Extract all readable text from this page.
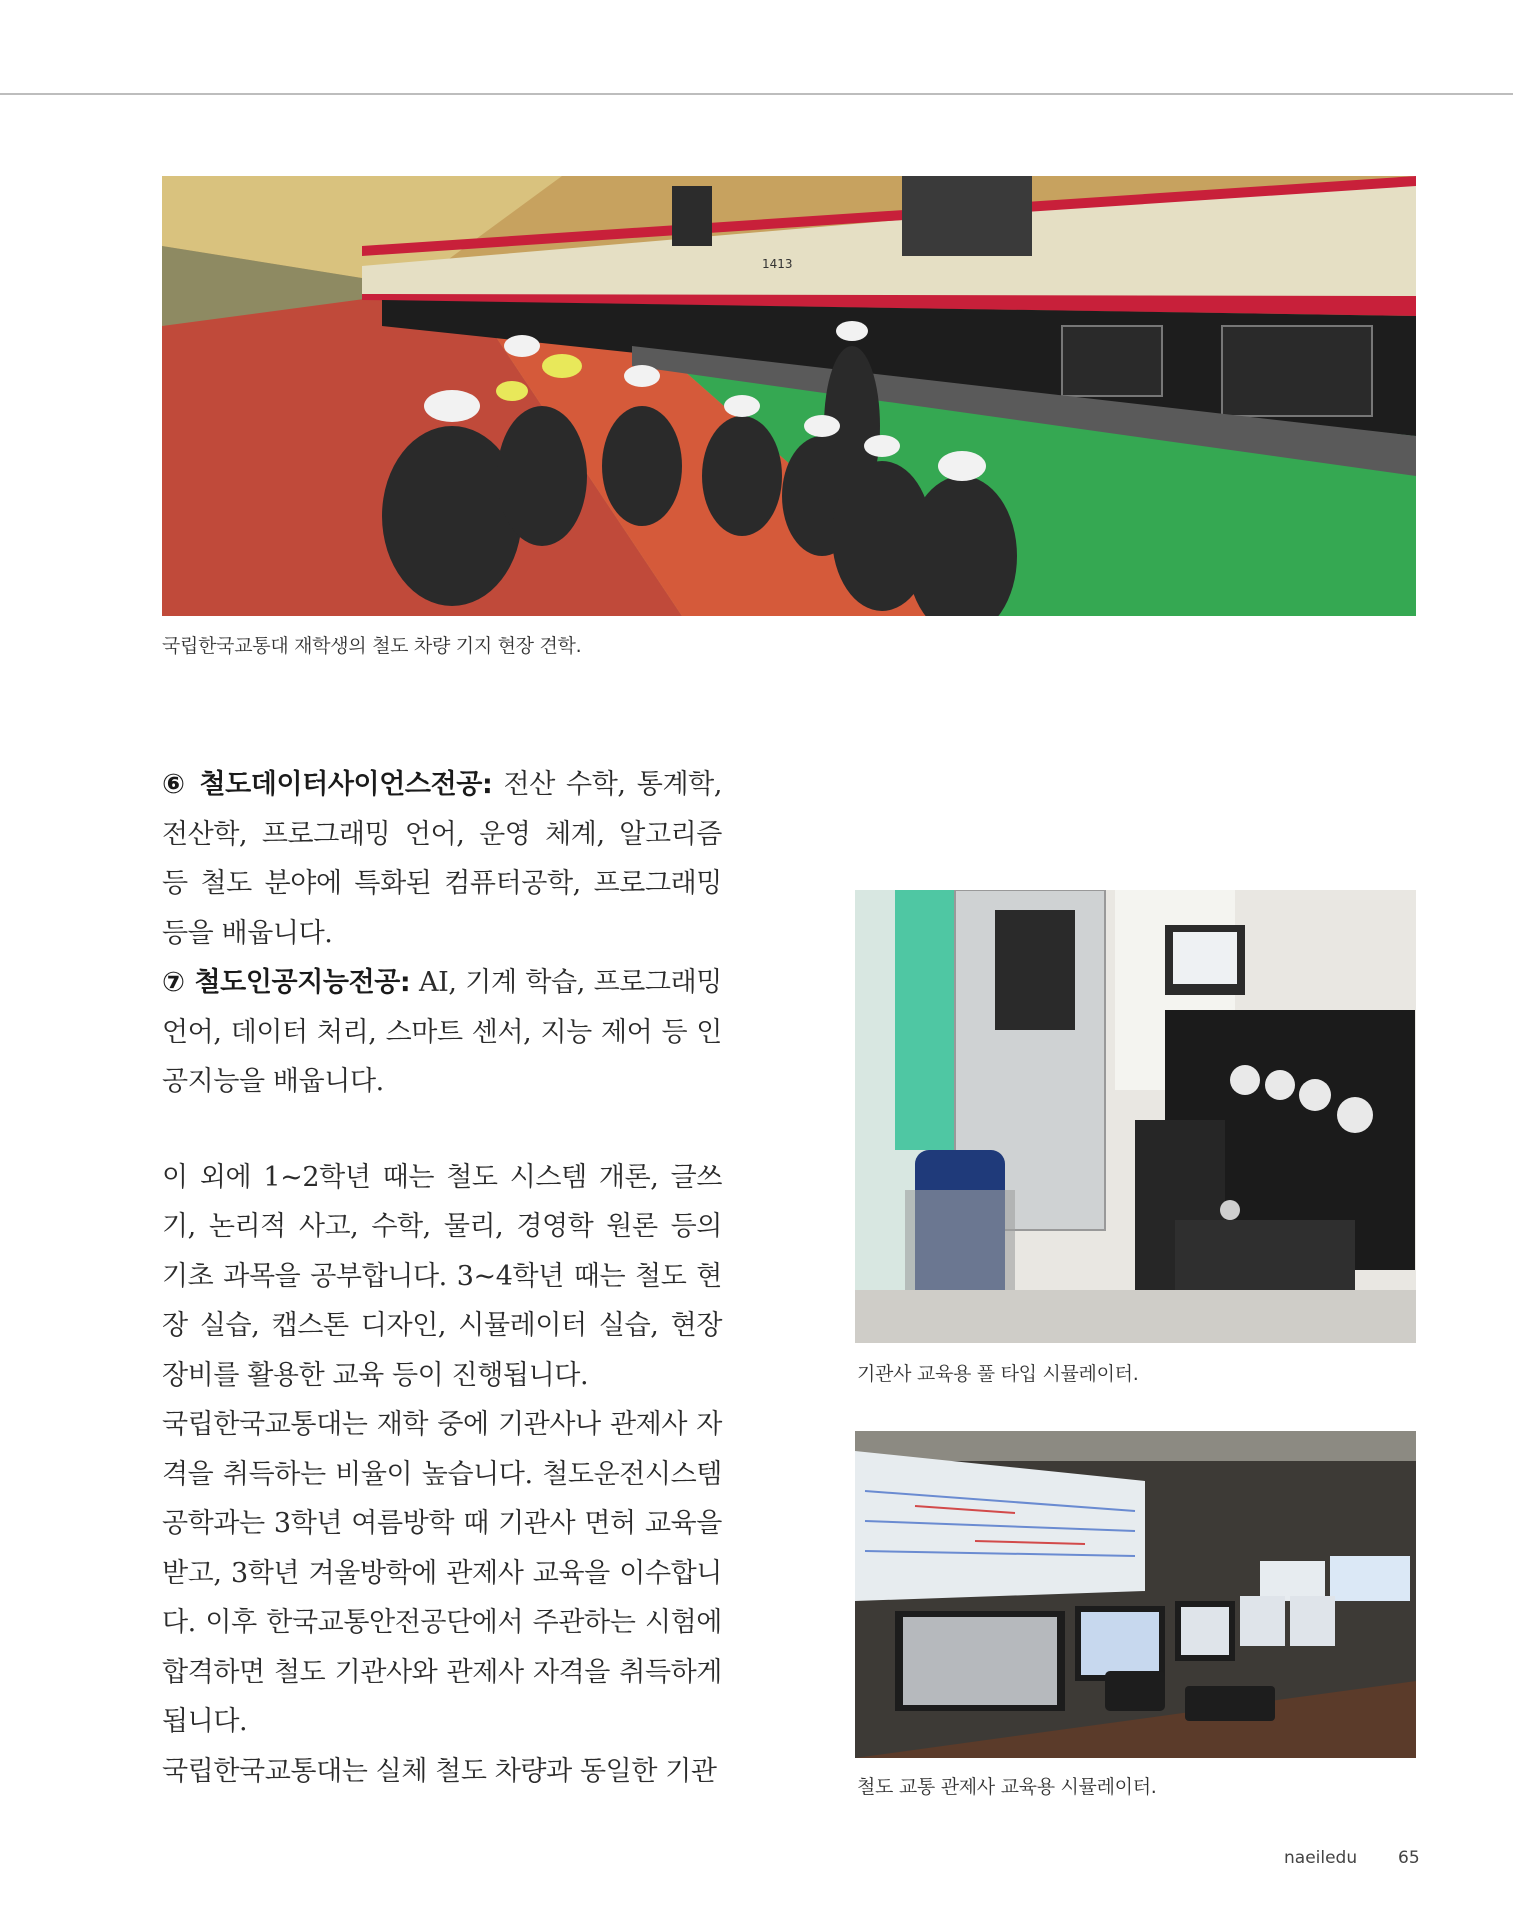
1413
국립한국교통대 재학생의 철도 차량 기지 현장 견학.

⑥ 철도데이터사이언스전공: 전산 수학, 통계학, 전산학, 프로그래밍 언어, 운영 체계, 알고리즘 등 철도 분야에 특화된 컴퓨터공학, 프로그래밍 등을 배웁니다.

⑦ 철도인공지능전공: AI, 기계 학습, 프로그래밍 언어, 데이터 처리, 스마트 센서, 지능 제어 등 인공지능을 배웁니다.

이 외에 1~2학년 때는 철도 시스템 개론, 글쓰기, 논리적 사고, 수학, 물리, 경영학 원론 등의 기초 과목을 공부합니다. 3~4학년 때는 철도 현장 실습, 캡스톤 디자인, 시뮬레이터 실습, 현장 장비를 활용한 교육 등이 진행됩니다.

국립한국교통대는 재학 중에 기관사나 관제사 자격을 취득하는 비율이 높습니다. 철도운전시스템공학과는 3학년 여름방학 때 기관사 면허 교육을 받고, 3학년 겨울방학에 관제사 교육을 이수합니다. 이후 한국교통안전공단에서 주관하는 시험에 합격하면 철도 기관사와 관제사 자격을 취득하게 됩니다.

국립한국교통대는 실체 철도 차량과 동일한 기관

기관사 교육용 풀 타입 시뮬레이터.
철도 교통 관제사 교육용 시뮬레이터.
naeiledu 65
